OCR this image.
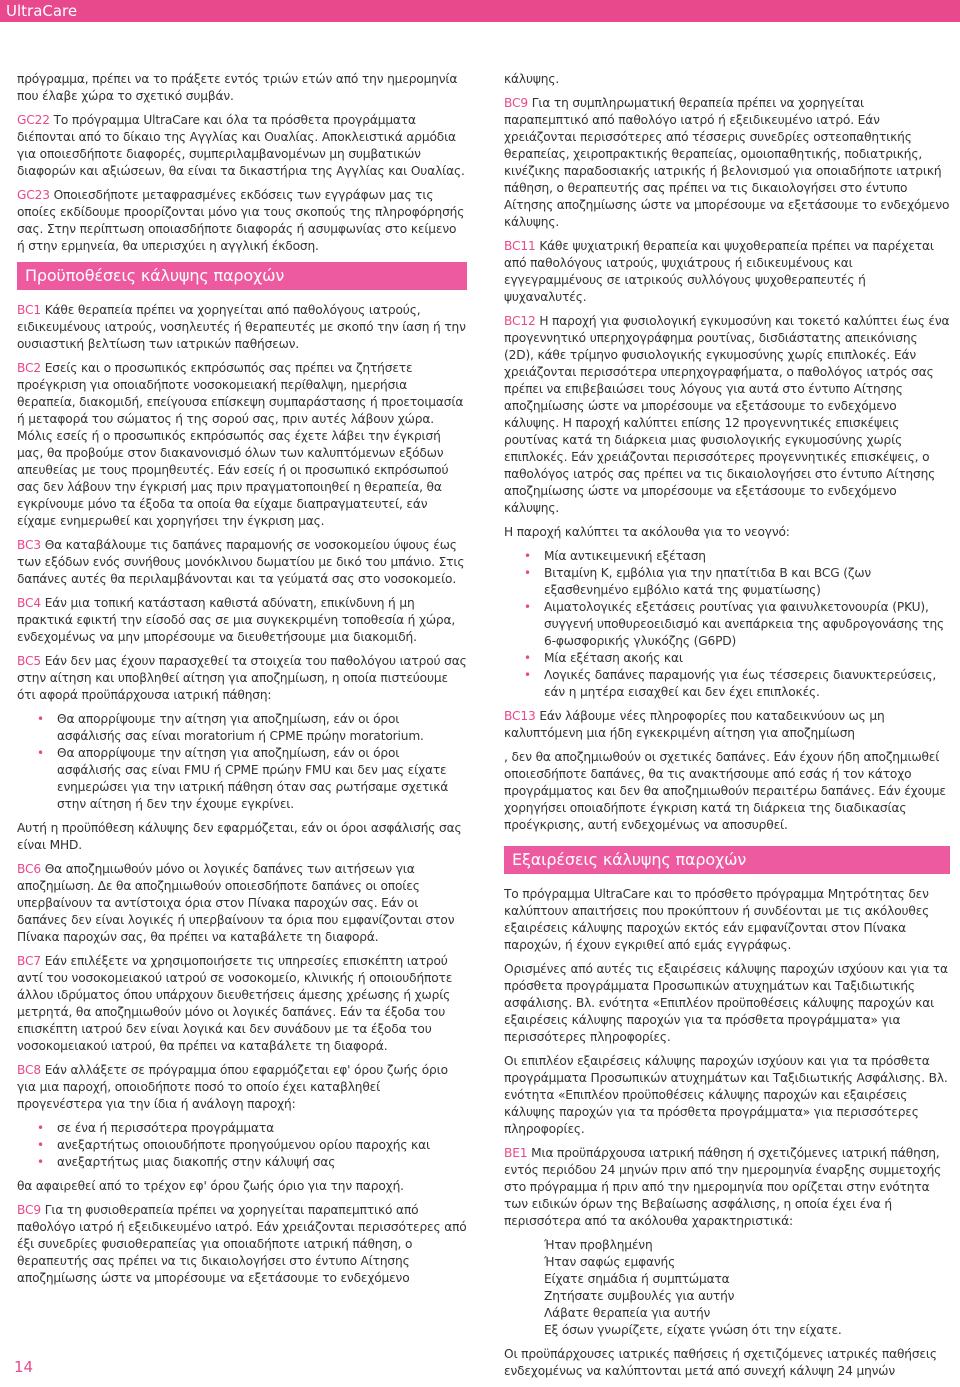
UltraCare

πρόγραμμα, πρέπει να το πράξετε εντός τριών ετών από την ημερομηνία που έλαβε χώρα το σχετικό συμβάν.

GC22 Το πρόγραμμα UltraCare και όλα τα πρόσθετα προγράμματα διέπονται από το δίκαιο της Αγγλίας και Ουαλίας. Αποκλειστικά αρμόδια για οποιεσδήποτε διαφορές, συμπεριλαμβανομένων μη συμβατικών διαφορών και αξιώσεων, θα είναι τα δικαστήρια της Αγγλίας και Ουαλίας.

GC23 Οποιεσδήποτε μεταφρασμένες εκδόσεις των εγγράφων μας τις οποίες εκδίδουμε προορίζονται μόνο για τους σκοπούς της πληροφόρησής σας. Στην περίπτωση οποιασδήποτε διαφοράς ή ασυμφωνίας στο κείμενο ή στην ερμηνεία, θα υπερισχύει η αγγλική έκδοση.

Προϋποθέσεις κάλυψης παροχών

BC1 Κάθε θεραπεία πρέπει να χορηγείται από παθολόγους ιατρούς, ειδικευμένους ιατρούς, νοσηλευτές ή θεραπευτές με σκοπό την ίαση ή την ουσιαστική βελτίωση των ιατρικών παθήσεων.

BC2 Εσείς και ο προσωπικός εκπρόσωπός σας πρέπει να ζητήσετε προέγκριση για οποιαδήποτε νοσοκομειακή περίθαλψη, ημερήσια θεραπεία, διακομιδή, επείγουσα επίσκεψη συμπαράστασης ή προετοιμασία ή μεταφορά του σώματος ή της σορού σας, πριν αυτές λάβουν χώρα. Μόλις εσείς ή ο προσωπικός εκπρόσωπός σας έχετε λάβει την έγκρισή μας, θα προβούμε στον διακανονισμό όλων των καλυπτόμενων εξόδων απευθείας με τους προμηθευτές. Εάν εσείς ή οι προσωπικό εκπρόσωπού σας δεν λάβουν την έγκρισή μας πριν πραγματοποιηθεί η θεραπεία, θα εγκρίνουμε μόνο τα έξοδα τα οποία θα είχαμε διαπραγματευτεί, εάν είχαμε ενημερωθεί και χορηγήσει την έγκριση μας.

BC3 Θα καταβάλουμε τις δαπάνες παραμονής σε νοσοκομείου ύψους έως των εξόδων ενός συνήθους μονόκλινου δωματίου με δικό του μπάνιο. Στις δαπάνες αυτές θα περιλαμβάνονται και τα γεύματά σας στο νοσοκομείο.

BC4 Εάν μια τοπική κατάσταση καθιστά αδύνατη, επικίνδυνη ή μη πρακτικά εφικτή την είσοδό σας σε μια συγκεκριμένη τοποθεσία ή χώρα, ενδεχομένως να μην μπορέσουμε να διευθετήσουμε μια διακομιδή.

BC5 Εάν δεν μας έχουν παρασχεθεί τα στοιχεία του παθολόγου ιατρού σας στην αίτηση και υποβληθεί αίτηση για αποζημίωση, η οποία πιστεύουμε ότι αφορά προϋπάρχουσα ιατρική πάθηση:

• Θα απορρίψουμε την αίτηση για αποζημίωση, εάν οι όροι ασφάλισής σας είναι moratorium ή CPME πρώην moratorium.
• Θα απορρίψουμε την αίτηση για αποζημίωση, εάν οι όροι ασφάλισής σας είναι FMU ή CPME πρώην FMU και δεν μας είχατε ενημερώσει για την ιατρική πάθηση όταν σας ρωτήσαμε σχετικά στην αίτηση ή δεν την έχουμε εγκρίνει.

Αυτή η προϋπόθεση κάλυψης δεν εφαρμόζεται, εάν οι όροι ασφάλισής σας είναι MHD.

BC6 Θα αποζημιωθούν μόνο οι λογικές δαπάνες των αιτήσεων για αποζημίωση. Δε θα αποζημιωθούν οποιεσδήποτε δαπάνες οι οποίες υπερβαίνουν τα αντίστοιχα όρια στον Πίνακα παροχών σας. Εάν οι δαπάνες δεν είναι λογικές ή υπερβαίνουν τα όρια που εμφανίζονται στον Πίνακα παροχών σας, θα πρέπει να καταβάλετε τη διαφορά.

BC7 Εάν επιλέξετε να χρησιμοποιήσετε τις υπηρεσίες επισκέπτη ιατρού αντί του νοσοκομειακού ιατρού σε νοσοκομείο, κλινικής ή οποιουδήποτε άλλου ιδρύματος όπου υπάρχουν διευθετήσεις άμεσης χρέωσης ή χωρίς μετρητά, θα αποζημιωθούν μόνο οι λογικές δαπάνες. Εάν τα έξοδα του επισκέπτη ιατρού δεν είναι λογικά και δεν συνάδουν με τα έξοδα του νοσοκομειακού ιατρού, θα πρέπει να καταβάλετε τη διαφορά.

BC8 Εάν αλλάξετε σε πρόγραμμα όπου εφαρμόζεται εφ' όρου ζωής όριο για μια παροχή, οποιοδήποτε ποσό το οποίο έχει καταβληθεί προγενέστερα για την ίδια ή ανάλογη παροχή:

• σε ένα ή περισσότερα προγράμματα
• ανεξαρτήτως οποιουδήποτε προηγούμενου ορίου παροχής και
• ανεξαρτήτως μιας διακοπής στην κάλυψή σας

θα αφαιρεθεί από το τρέχον εφ' όρου ζωής όριο για την παροχή.

BC9 Για τη φυσιοθεραπεία πρέπει να χορηγείται παραπεμπτικό από παθολόγο ιατρό ή εξειδικευμένο ιατρό. Εάν χρειάζονται περισσότερες από έξι συνεδρίες φυσιοθεραπείας για οποιαδήποτε ιατρική πάθηση, ο θεραπευτής σας πρέπει να τις δικαιολογήσει στο έντυπο Αίτησης αποζημίωσης ώστε να μπορέσουμε να εξετάσουμε το ενδεχόμενο

κάλυψης.

BC9 Για τη συμπληρωματική θεραπεία πρέπει να χορηγείται παραπεμπτικό από παθολόγο ιατρό ή εξειδικευμένο ιατρό. Εάν χρειάζονται περισσότερες από τέσσερις συνεδρίες οστεοπαθητικής θεραπείας, χειροπρακτικής θεραπείας, ομοιοπαθητικής, ποδιατρικής, κινέζικης παραδοσιακής ιατρικής ή βελονισμού για οποιαδήποτε ιατρική πάθηση, ο θεραπευτής σας πρέπει να τις δικαιολογήσει στο έντυπο Αίτησης αποζημίωσης ώστε να μπορέσουμε να εξετάσουμε το ενδεχόμενο κάλυψης.

BC11 Κάθε ψυχιατρική θεραπεία και ψυχοθεραπεία πρέπει να παρέχεται από παθολόγους ιατρούς, ψυχιάτρους ή ειδικευμένους και εγγεγραμμένους σε ιατρικούς συλλόγους ψυχοθεραπευτές ή ψυχαναλυτές.

BC12 Η παροχή για φυσιολογική εγκυμοσύνη και τοκετό καλύπτει έως ένα προγεννητικό υπερηχογράφημα ρουτίνας, δισδιάστατης απεικόνισης (2D), κάθε τρίμηνο φυσιολογικής εγκυμοσύνης χωρίς επιπλοκές. Εάν χρειάζονται περισσότερα υπερηχογραφήματα, ο παθολόγος ιατρός σας πρέπει να επιβεβαιώσει τους λόγους για αυτά στο έντυπο Αίτησης αποζημίωσης ώστε να μπορέσουμε να εξετάσουμε το ενδεχόμενο κάλυψης. Η παροχή καλύπτει επίσης 12 προγεννητικές επισκέψεις ρουτίνας κατά τη διάρκεια μιας φυσιολογικής εγκυμοσύνης χωρίς επιπλοκές. Εάν χρειάζονται περισσότερες προγεννητικές επισκέψεις, ο παθολόγος ιατρός σας πρέπει να τις δικαιολογήσει στο έντυπο Αίτησης αποζημίωσης ώστε να μπορέσουμε να εξετάσουμε το ενδεχόμενο κάλυψης.

Η παροχή καλύπτει τα ακόλουθα για το νεογνό:

• Μία αντικειμενική εξέταση
• Βιταμίνη K, εμβόλια για την ηπατίτιδα B και BCG (ζων εξασθενημένο εμβόλιο κατά της φυματίωσης)
• Αιματολογικές εξετάσεις ρουτίνας για φαινυλκετονουρία (PKU), συγγενή υποθυρεοειδισμό και ανεπάρκεια της αφυδρογονάσης της 6-φωσφορικής γλυκόζης (G6PD)
• Μία εξέταση ακοής και
• Λογικές δαπάνες παραμονής για έως τέσσερεις διανυκτερεύσεις, εάν η μητέρα εισαχθεί και δεν έχει επιπλοκές.

BC13 Εάν λάβουμε νέες πληροφορίες που καταδεικνύουν ως μη καλυπτόμενη μια ήδη εγκεκριμένη αίτηση για αποζημίωση

, δεν θα αποζημιωθούν οι σχετικές δαπάνες. Εάν έχουν ήδη αποζημιωθεί οποιεσδήποτε δαπάνες, θα τις ανακτήσουμε από εσάς ή τον κάτοχο προγράμματος και δεν θα αποζημιωθούν περαιτέρω δαπάνες. Εάν έχουμε χορηγήσει οποιαδήποτε έγκριση κατά τη διάρκεια της διαδικασίας προέγκρισης, αυτή ενδεχομένως να αποσυρθεί.

Εξαιρέσεις κάλυψης παροχών

Το πρόγραμμα UltraCare και το πρόσθετο πρόγραμμα Μητρότητας δεν καλύπτουν απαιτήσεις που προκύπτουν ή συνδέονται με τις ακόλουθες εξαιρέσεις κάλυψης παροχών εκτός εάν εμφανίζονται στον Πίνακα παροχών, ή έχουν εγκριθεί από εμάς εγγράφως.

Ορισμένες από αυτές τις εξαιρέσεις κάλυψης παροχών ισχύουν και για τα πρόσθετα προγράμματα Προσωπικών ατυχημάτων και Ταξιδιωτικής ασφάλισης. Βλ. ενότητα «Επιπλέον προϋποθέσεις κάλυψης παροχών και εξαιρέσεις κάλυψης παροχών για τα πρόσθετα προγράμματα» για περισσότερες πληροφορίες.

Οι επιπλέον εξαιρέσεις κάλυψης παροχών ισχύουν και για τα πρόσθετα προγράμματα Προσωπικών ατυχημάτων και Ταξιδιωτικής Ασφάλισης. Βλ. ενότητα «Επιπλέον προϋποθέσεις κάλυψης παροχών και εξαιρέσεις κάλυψης παροχών για τα πρόσθετα προγράμματα» για περισσότερες πληροφορίες.

BE1 Μια προϋπάρχουσα ιατρική πάθηση ή σχετιζόμενες ιατρική πάθηση, εντός περιόδου 24 μηνών πριν από την ημερομηνία έναρξης συμμετοχής στο πρόγραμμα ή πριν από την ημερομηνία που ορίζεται στην ενότητα των ειδικών όρων της Βεβαίωσης ασφάλισης, η οποία έχει ένα ή περισσότερα από τα ακόλουθα χαρακτηριστικά:

Ήταν προβλημένη
Ήταν σαφώς εμφανής
Είχατε σημάδια ή συμπτώματα
Ζητήσατε συμβουλές για αυτήν
Λάβατε θεραπεία για αυτήν
Εξ όσων γνωρίζετε, είχατε γνώση ότι την είχατε.

Οι προϋπάρχουσες ιατρικές παθήσεις ή σχετιζόμενες ιατρικές παθήσεις ενδεχομένως να καλύπτονται μετά από συνεχή κάλυψη 24 μηνών

14
